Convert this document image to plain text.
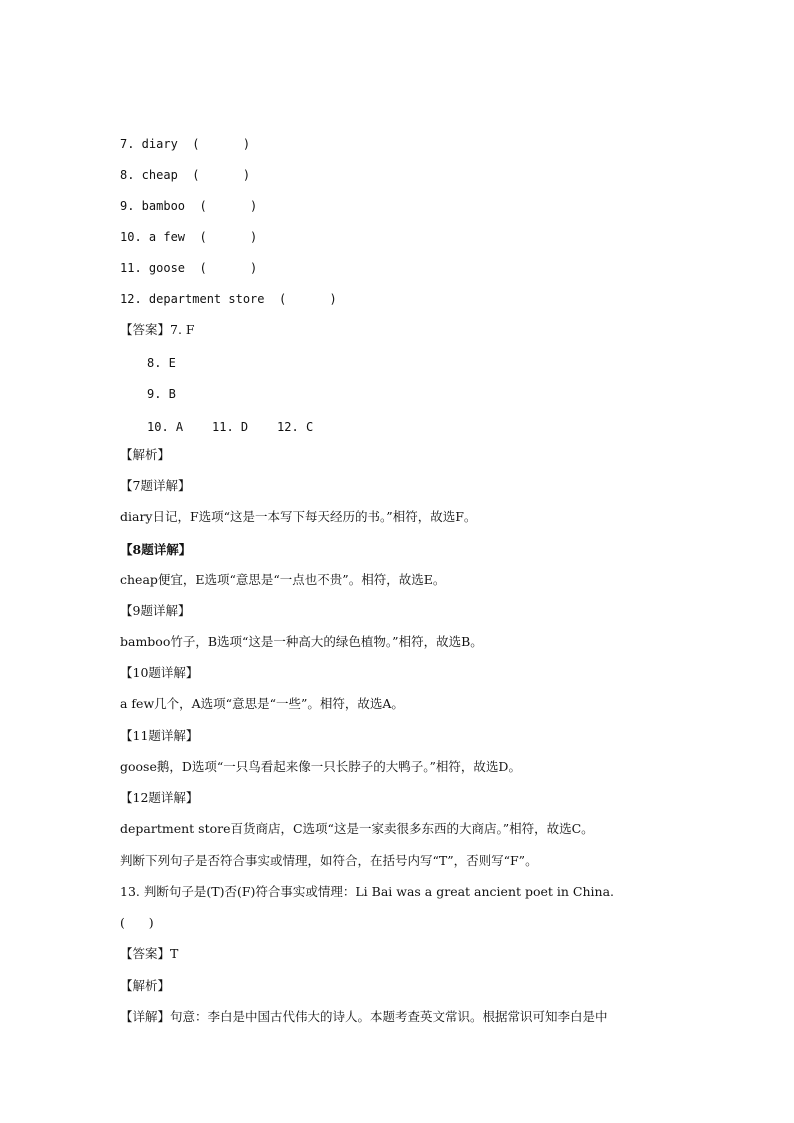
7. diary  (      )
8. cheap  (      )
9. bamboo  (      )
10. a few  (      )
11. goose  (      )
12. department store  (      )
【答案】7. F
8. E
9. B
10. A    11. D    12. C
【解析】
【7题详解】
diary日记，F选项“这是一本写下每天经历的书。”相符，故选F。
【8题详解】
cheap便宜，E选项“意思是“一点也不贵”。相符，故选E。
【9题详解】
bamboo竹子，B选项“这是一种高大的绿色植物。”相符，故选B。
【10题详解】
a few几个，A选项“意思是“一些”。相符，故选A。
【11题详解】
goose鹅，D选项“一只鸟看起来像一只长脖子的大鸭子。”相符，故选D。
【12题详解】
department store百货商店，C选项“这是一家卖很多东西的大商店。”相符，故选C。
判断下列句子是否符合事实或情理，如符合，在括号内写“T”，否则写“F”。
13. 判断句子是(T)否(F)符合事实或情理：Li Bai was a great ancient poet in China.
(      )
【答案】T
【解析】
【详解】句意：李白是中国古代伟大的诗人。本题考查英文常识。根据常识可知李白是中
